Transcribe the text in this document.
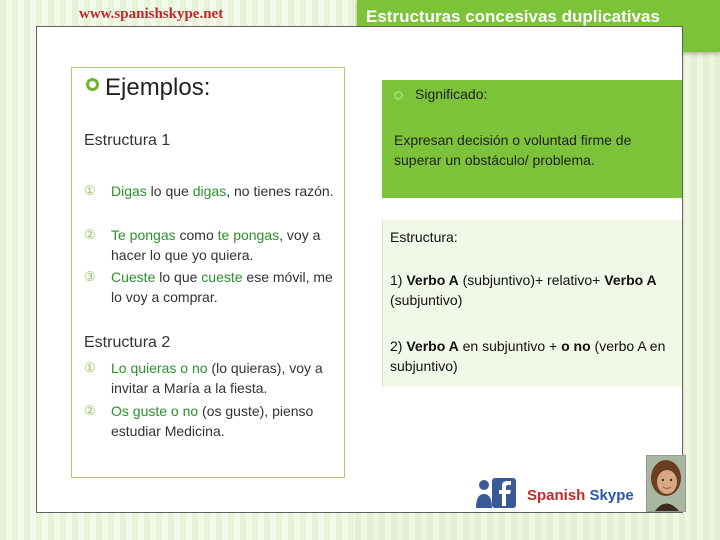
www.spanishskype.net	Estructuras concesivas duplicativas
Ejemplos:
Estructura 1
① Digas lo que digas, no tienes razón.
② Te pongas como te pongas, voy a hacer lo que yo quiera.
③ Cueste lo que cueste ese móvil, me lo voy a comprar.
Estructura 2
① Lo quieras o no (lo quieras), voy a invitar a María a la fiesta.
② Os guste o no (os guste), pienso estudiar Medicina.
Significado:
Expresan decisión o voluntad firme de superar un obstáculo/ problema.
Estructura:
1) Verbo A (subjuntivo)+ relativo+ Verbo A (subjuntivo)
2) Verbo A en subjuntivo + o no (verbo A en subjuntivo)
Spanish Skype
